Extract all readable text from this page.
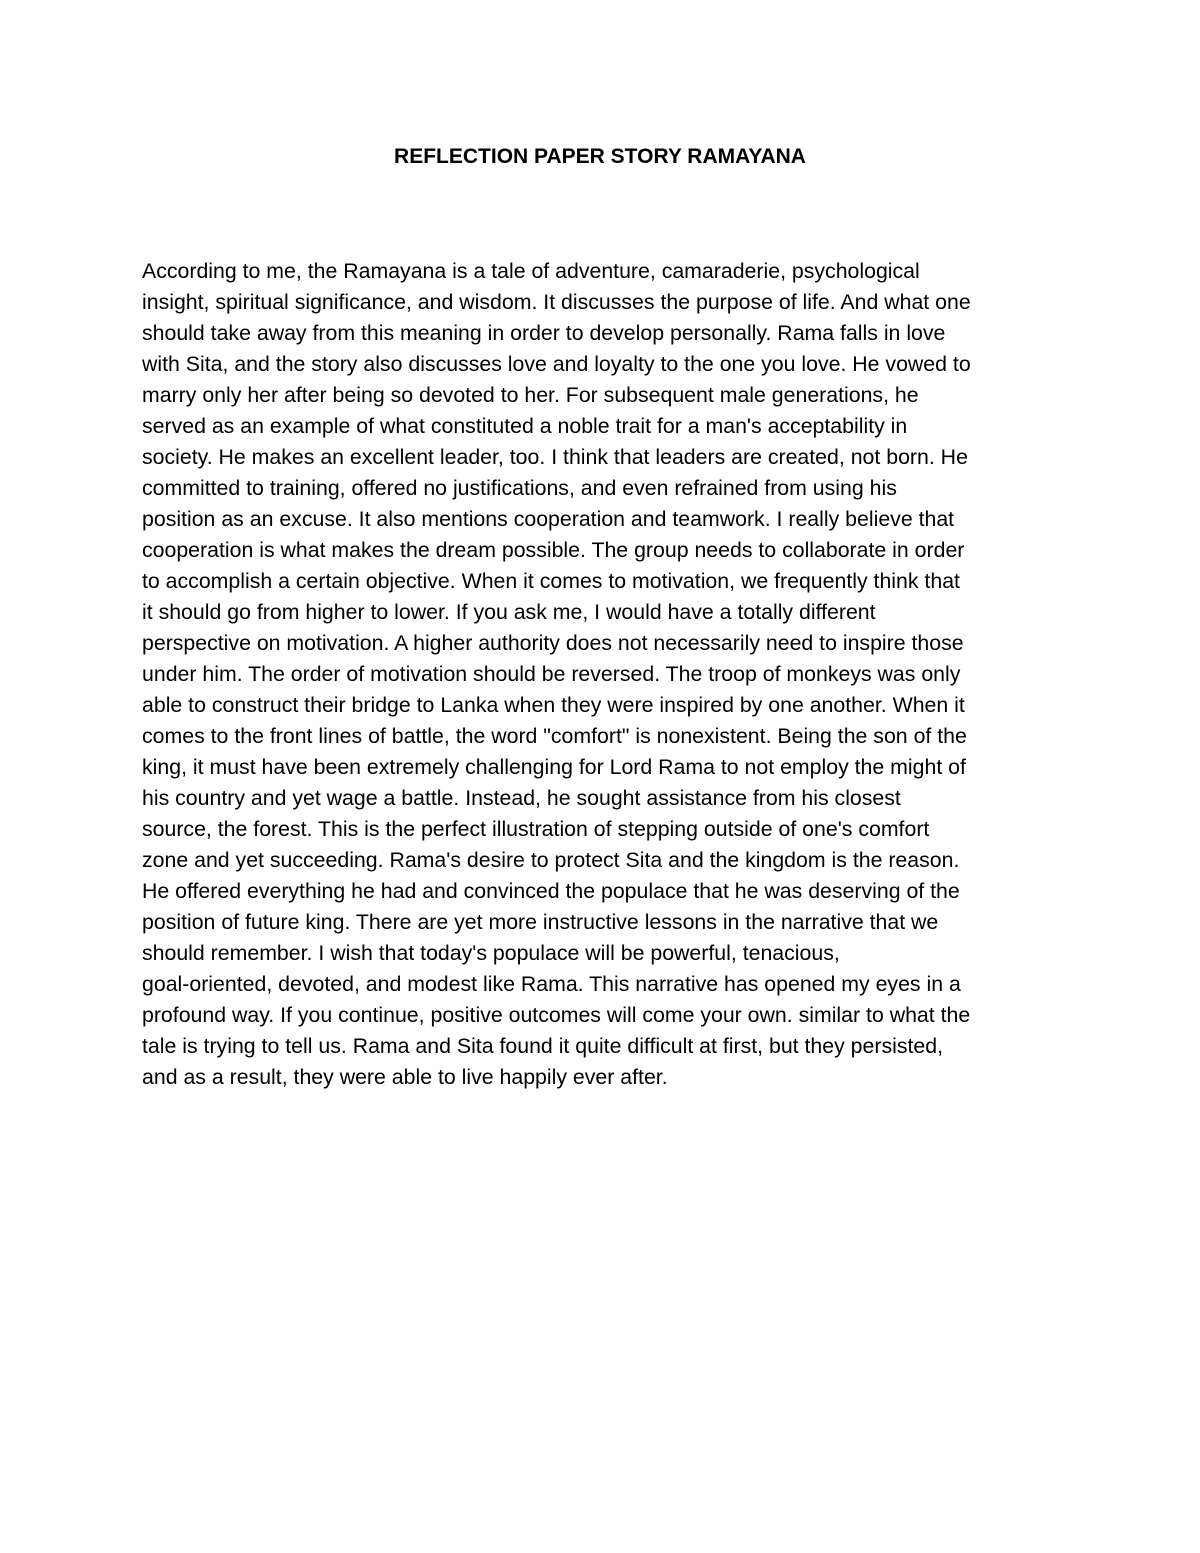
REFLECTION PAPER STORY RAMAYANA
According to me, the Ramayana is a tale of adventure, camaraderie, psychological
insight, spiritual significance, and wisdom. It discusses the purpose of life. And what one
should take away from this meaning in order to develop personally. Rama falls in love
with Sita, and the story also discusses love and loyalty to the one you love. He vowed to
marry only her after being so devoted to her. For subsequent male generations, he
served as an example of what constituted a noble trait for a man's acceptability in
society. He makes an excellent leader, too. I think that leaders are created, not born. He
committed to training, offered no justifications, and even refrained from using his
position as an excuse. It also mentions cooperation and teamwork. I really believe that
cooperation is what makes the dream possible. The group needs to collaborate in order
to accomplish a certain objective. When it comes to motivation, we frequently think that
it should go from higher to lower. If you ask me, I would have a totally different
perspective on motivation. A higher authority does not necessarily need to inspire those
under him. The order of motivation should be reversed. The troop of monkeys was only
able to construct their bridge to Lanka when they were inspired by one another. When it
comes to the front lines of battle, the word "comfort" is nonexistent. Being the son of the
king, it must have been extremely challenging for Lord Rama to not employ the might of
his country and yet wage a battle. Instead, he sought assistance from his closest
source, the forest. This is the perfect illustration of stepping outside of one's comfort
zone and yet succeeding. Rama's desire to protect Sita and the kingdom is the reason.
He offered everything he had and convinced the populace that he was deserving of the
position of future king. There are yet more instructive lessons in the narrative that we
should remember. I wish that today's populace will be powerful, tenacious,
goal-oriented, devoted, and modest like Rama. This narrative has opened my eyes in a
profound way. If you continue, positive outcomes will come your own. similar to what the
tale is trying to tell us. Rama and Sita found it quite difficult at first, but they persisted,
and as a result, they were able to live happily ever after.
